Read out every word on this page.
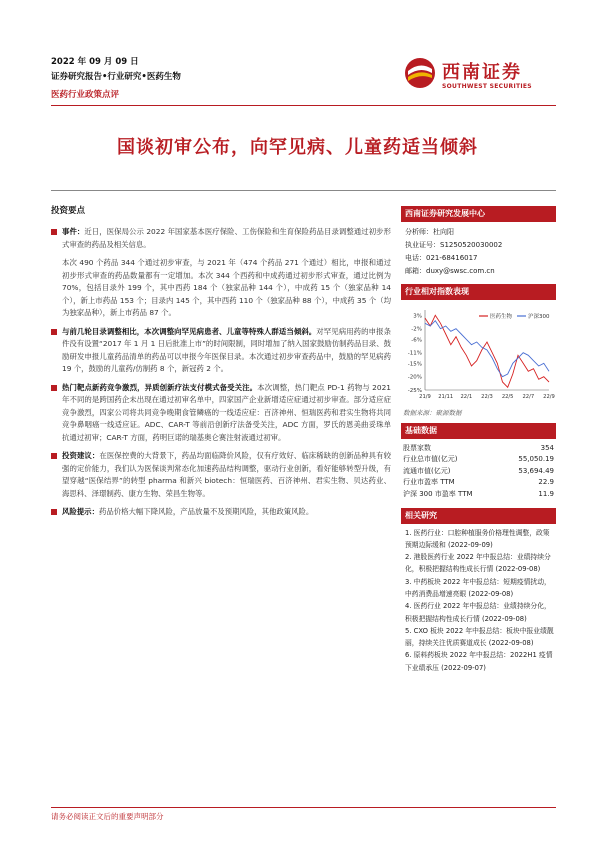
2022 年 09 月 09 日
证券研究报告•行业研究•医药生物
医药行业政策点评
西南证券
SOUTHWEST SECURITIES
国谈初审公布，向罕见病、儿童药适当倾斜
投资要点
事件：近日，医保局公示 2022 年国家基本医疗保险、工伤保险和生育保险药品目录调整通过初步形式审查的药品及相关信息。
本次 490 个药品 344 个通过初步审查，与 2021 年（474 个药品 271 个通过）相比，申报和通过初步形式审查的药品数量都有一定增加。本次 344 个西药和中成药通过初步形式审查，通过比例为 70%，包括目录外 199 个，其中西药 184 个（独家品种 144 个），中成药 15 个（独家品种 14 个），新上市药品 153 个；目录内 145 个，其中西药 110 个（独家品种 88 个），中成药 35 个（均为独家品种），新上市药品 87 个。
与前几轮目录调整相比，本次调整向罕见病患者、儿童等特殊人群适当倾斜。对罕见病用药的申报条件没有设置“2017 年 1 月 1 日后批准上市”的时间限制，同时增加了纳入国家鼓励仿制药品目录、鼓励研发申报儿童药品清单的药品可以申报今年医保目录。本次通过初步审查药品中，鼓励的罕见病药 19 个，鼓励的儿童药/仿制药 8 个，新冠药 2 个。
热门靶点新药竞争激烈，异质创新疗法支付模式备受关注。本次调整，热门靶点 PD-1 药物与 2021 年不同的是跨国药企未出现在通过初审名单中，四家国产企业新增适应症通过初步审查。部分适应症竞争激烈，四家公司将共同竞争晚期食管鳞癌的一线适应症：百济神州、恒瑞医药和君实生物将共同竞争鼻咽癌一线适应证。ADC、CAR-T 等前沿创新疗法备受关注，ADC 方面，罗氏的恩美曲妥珠单抗通过初审；CAR-T 方面，药明巨诺的瑞基奥仑赛注射液通过初审。
投资建议：在医保控费的大背景下，药品均面临降价风险，仅有疗效好、临床稀缺的创新品种具有较强的定价能力，我们认为医保谈判常态化加速药品结构调整，驱动行业创新，看好能够转型升级，有望穿越“医保结界”的转型 pharma 和新兴 biotech：恒瑞医药、百济神州、君实生物、贝达药业、海思科、泽璟制药、康方生物、荣昌生物等。
风险提示：药品价格大幅下降风险，产品放量不及预期风险，其他政策风险。
西南证券研究发展中心
分析师：杜向阳
执业证号：S1250520030002
电话：021-68416017
邮箱：duxy@swsc.com.cn
行业相对指数表现
3%
-2%
-6%
-11%
-15%
-20%
-25%
21/9 21/11 22/1 22/3 22/5 22/7 22/9
医药生物	沪深300
数据来源：聚源数据
基础数据
股票家数	354
行业总市值(亿元)	55,050.19
流通市值(亿元)	53,694.49
行业市盈率 TTM	22.9
沪深 300 市盈率 TTM	11.9
相关研究
1. 医药行业：口腔种植服务价格理性调整，政策预期边际缓和 (2022-09-09)
2. 港股医药行业 2022 年中报总结：业绩持续分化，积极把握结构性成长行情 (2022-09-08)
3. 中药板块 2022 年中报总结：短期疫情扰动，中药消费品增速亮眼 (2022-09-08)
4. 医药行业 2022 年中报总结：业绩持续分化，积极把握结构性成长行情 (2022-09-08)
5. CXO 板块 2022 年中报总结：板块中报业绩靓丽，持续关注优质赛道成长 (2022-09-08)
6. 原料药板块 2022 年中报总结：2022H1 疫情下业绩承压 (2022-09-07)
请务必阅读正文后的重要声明部分
